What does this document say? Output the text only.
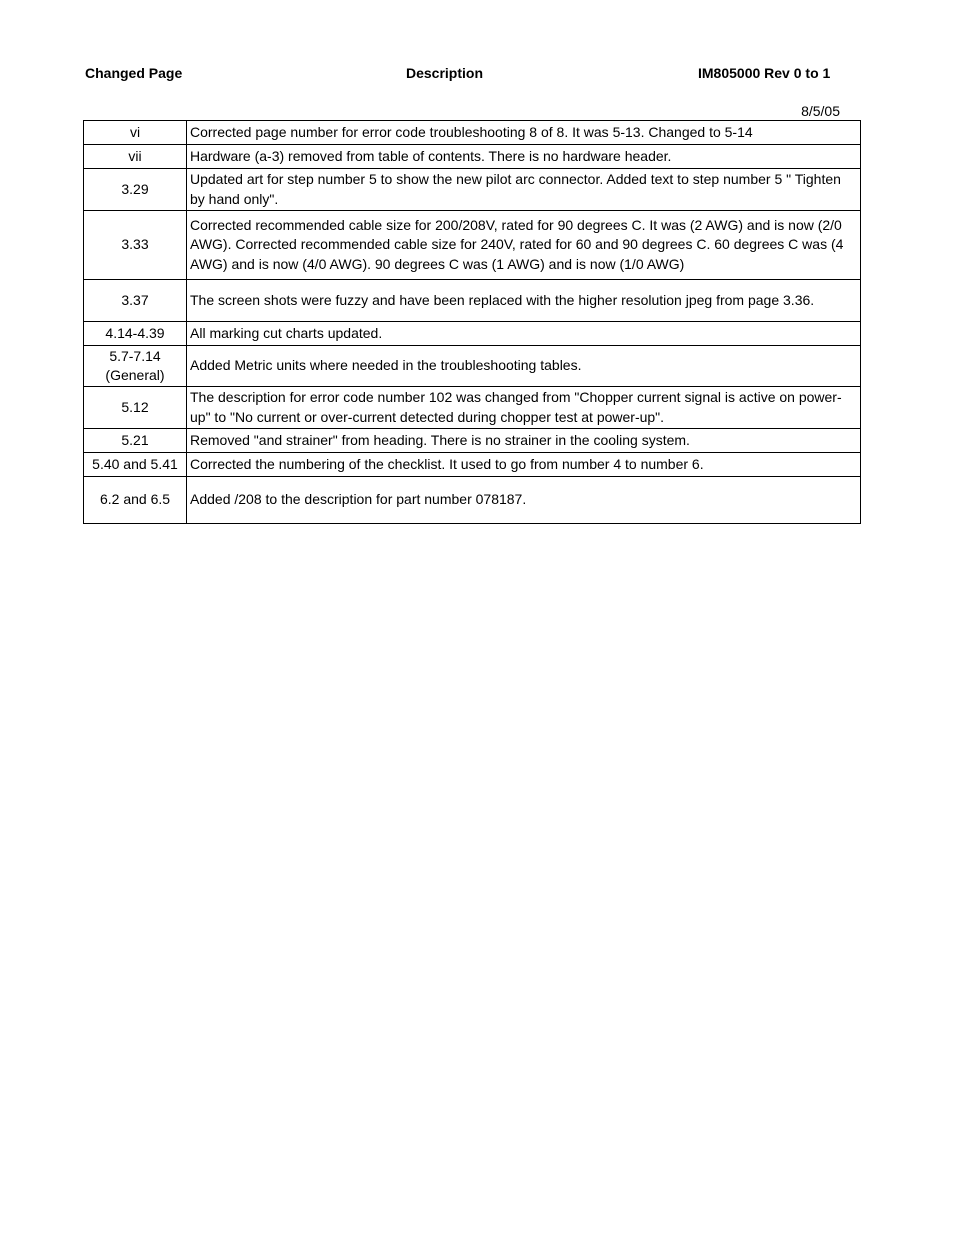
Changed Page	Description	IM805000 Rev 0 to 1
8/5/05
vi	Corrected page number for error code troubleshooting 8 of 8. It was 5-13. Changed to 5-14
vii	Hardware (a-3) removed from table of contents. There is no hardware header.
3.29	Updated art for step number 5 to show the new pilot arc connector. Added text to step number 5 " Tighten by hand only".
3.33	Corrected recommended cable size for 200/208V, rated for 90 degrees C. It was (2 AWG) and is now (2/0 AWG). Corrected recommended cable size for 240V, rated for 60 and 90 degrees C. 60 degrees C was (4 AWG) and is now (4/0 AWG). 90 degrees C was (1 AWG) and is now (1/0 AWG)
3.37	The screen shots were fuzzy and have been replaced with the higher resolution jpeg from page 3.36.
4.14-4.39	All marking cut charts updated.
5.7-7.14 (General)	Added Metric units where needed in the troubleshooting tables.
5.12	The description for error code number 102 was changed from "Chopper current signal is active on power-up" to "No current or over-current detected during chopper test at power-up".
5.21	Removed "and strainer" from heading. There is no strainer in the cooling system.
5.40 and 5.41	Corrected the numbering of the checklist. It used to go from number 4 to number 6.
6.2 and 6.5	Added /208 to the description for part number 078187.
